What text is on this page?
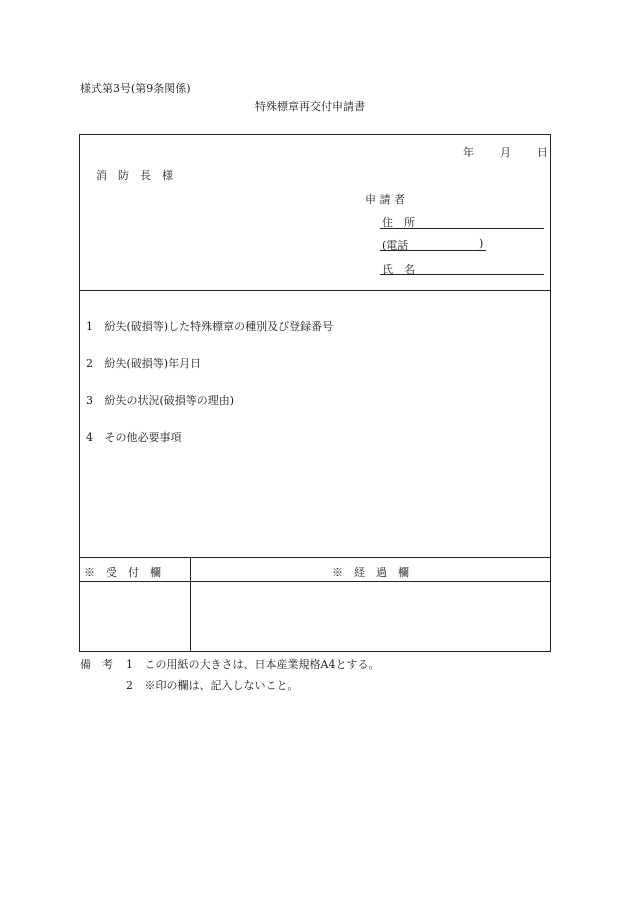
様式第3号(第9条関係)
特殊標章再交付申請書
年 月 日
消　防　長　様
申 請 者
住　所
(電話	)
氏　名
1 紛失(破損等)した特殊標章の種別及び登録番号
2 紛失(破損等)年月日
3 紛失の状況(破損等の理由)
4 その他必要事項
※　受　付　欄	※　経　過　欄
備　考 1 この用紙の大きさは、日本産業規格A4とする。
2 ※印の欄は、記入しないこと。
